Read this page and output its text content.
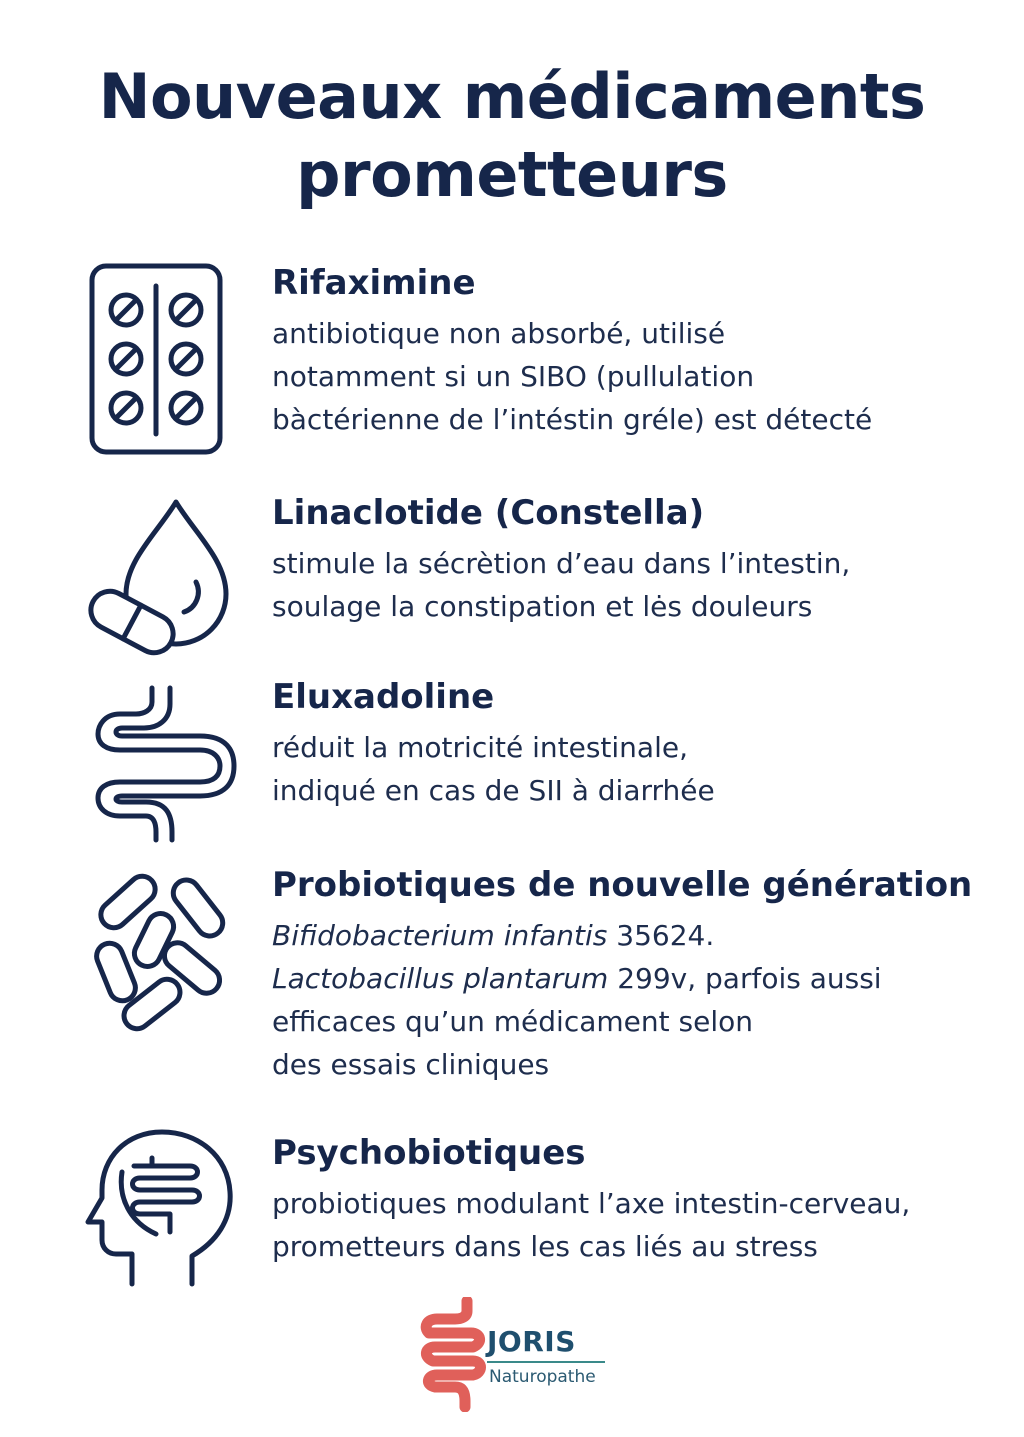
Nouveaux médicaments
prometteurs
Rifaximine

antibiotique non absorbé, utilisé
notamment si un SIBO (pullulation
bàctérienne de l’intéstin gréle) est détecté

Linaclotide (Constella)

stimule la sécrètion d’eau dans l’intestin,
soulage la constipation et lės douleurs

Eluxadoline

réduit la motricité intestinale,
indiqué en cas de SII à diarrhée

Probiotiques de nouvelle génération

Bifidobacterium infantis 35624.
Lactobacillus plantarum 299v, parfois aussi
efficaces qu’un médicament selon
des essais cliniques

Psychobiotiques

probiotiques modulant l’axe intestin-cerveau,
prometteurs dans les cas liés au stress

JORIS
Naturopathe
